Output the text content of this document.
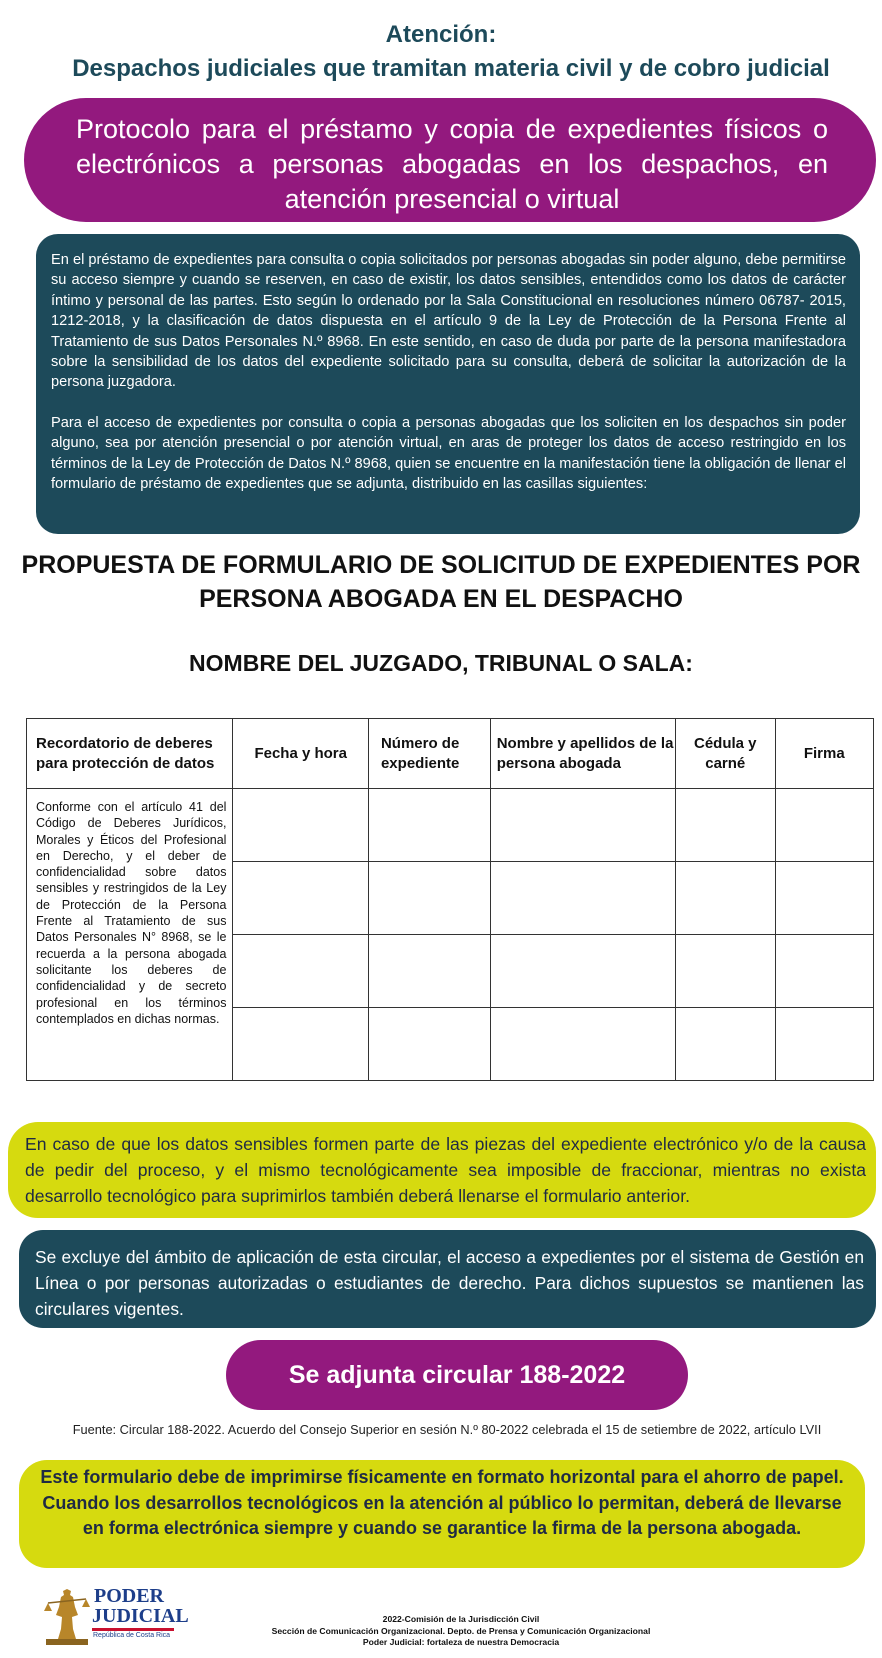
Atención:
Despachos judiciales que tramitan materia civil y de cobro judicial
Protocolo para el préstamo y copia de expedientes físicos o electrónicos a personas abogadas en los despachos, en atención presencial o virtual

En el préstamo de expedientes para consulta o copia solicitados por personas abogadas sin poder alguno, debe permitirse su acceso siempre y cuando se reserven, en caso de existir, los datos sensibles, entendidos como los datos de carácter íntimo y personal de las partes. Esto según lo ordenado por la Sala Constitucional en resoluciones número 06787- 2015, 1212-2018, y la clasificación de datos dispuesta en el artículo 9 de la Ley de Protección de la Persona Frente al Tratamiento de sus Datos Personales N.º 8968. En este sentido, en caso de duda por parte de la persona manifestadora sobre la sensibilidad de los datos del expediente solicitado para su consulta, deberá de solicitar la autorización de la persona juzgadora.

Para el acceso de expedientes por consulta o copia a personas abogadas que los soliciten en los despachos sin poder alguno, sea por atención presencial o por atención virtual, en aras de proteger los datos de acceso restringido en los términos de la Ley de Protección de Datos N.º 8968, quien se encuentre en la manifestación tiene la obligación de llenar el formulario de préstamo de expedientes que se adjunta, distribuido en las casillas siguientes:

PROPUESTA DE FORMULARIO DE SOLICITUD DE EXPEDIENTES POR PERSONA ABOGADA EN EL DESPACHO
NOMBRE DEL JUZGADO, TRIBUNAL O SALA:
Recordatorio de deberes para protección de datos	Fecha y hora	Número de expediente	Nombre y apellidos de la persona abogada	Cédula y carné	Firma
Conforme con el artículo 41 del Código de Deberes Jurídicos, Morales y Éticos del Profesional en Derecho, y el deber de confidencialidad sobre datos sensibles y restringidos de la Ley de Protección de la Persona Frente al Tratamiento de sus Datos Personales N° 8968, se le recuerda a la persona abogada solicitante los deberes de confidencialidad y de secreto profesional en los términos contemplados en dichas normas.					

En caso de que los datos sensibles formen parte de las piezas del expediente electrónico y/o de la causa de pedir del proceso, y el mismo tecnológicamente sea imposible de fraccionar, mientras no exista desarrollo tecnológico para suprimirlos también deberá llenarse el formulario anterior.
Se excluye del ámbito de aplicación de esta circular, el acceso a expedientes por el sistema de Gestión en Línea o por personas autorizadas o estudiantes de derecho. Para dichos supuestos se mantienen las circulares vigentes.
Se adjunta circular 188-2022
Fuente: Circular 188-2022. Acuerdo del Consejo Superior en sesión N.º 80-2022 celebrada el 15 de setiembre de 2022, artículo LVII
Este formulario debe de imprimirse físicamente en formato horizontal para el ahorro de papel. Cuando los desarrollos tecnológicos en la atención al público lo permitan, deberá de llevarse en forma electrónica siempre y cuando se garantice la firma de la persona abogada.
PODER
JUDICIAL
República de Costa Rica
2022-Comisión de la Jurisdicción Civil
Sección de Comunicación Organizacional. Depto. de Prensa y Comunicación Organizacional
Poder Judicial: fortaleza de nuestra Democracia
